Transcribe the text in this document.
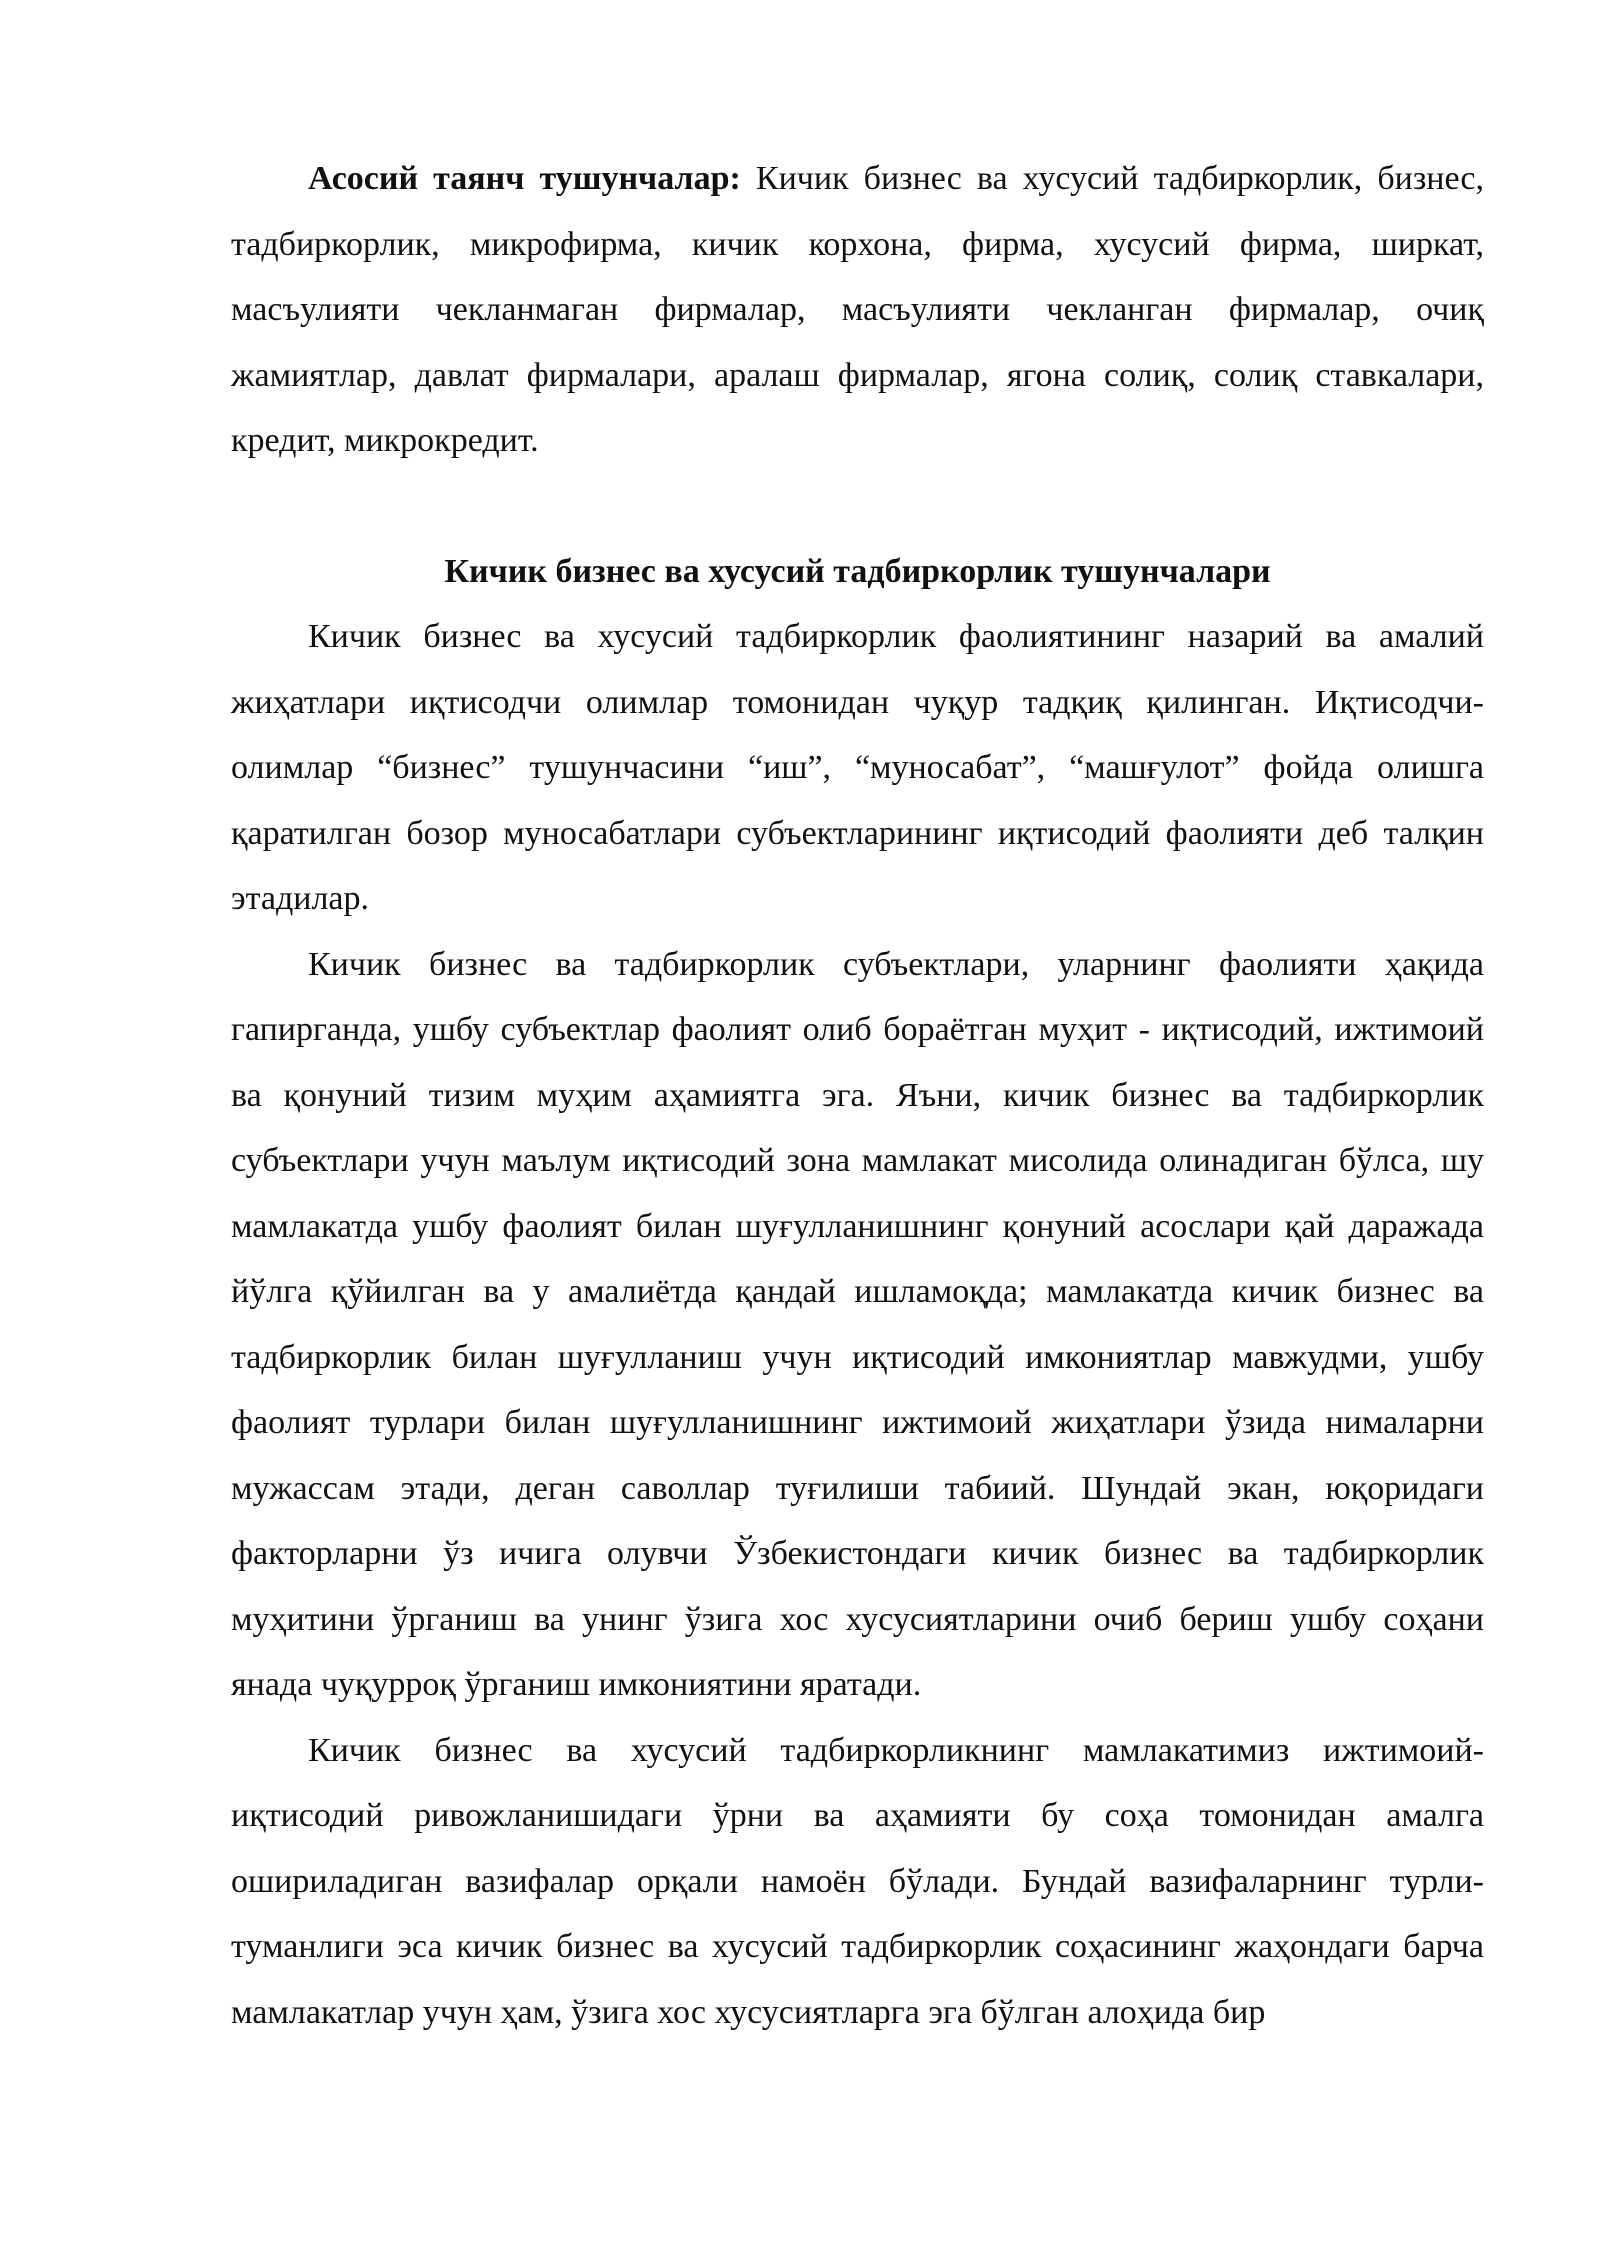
Асосий таянч тушунчалар: Кичик бизнес ва хусусий тадбиркорлик, бизнес, тадбиркорлик, микрофирма, кичик корхона, фирма, хусусий фирма, ширкат, масъулияти чекланмаган фирмалар, масъулияти чекланган фирмалар, очиқ жамиятлар, давлат фирмалари, аралаш фирмалар, ягона солиқ, солиқ ставкалари, кредит, микрокредит.

Кичик бизнес ва хусусий тадбиркорлик тушунчалари

Кичик бизнес ва хусусий тадбиркорлик фаолиятининг назарий ва амалий жиҳатлари иқтисодчи олимлар томонидан чуқур тадқиқ қилинган. Иқтисодчи-олимлар “бизнес” тушунчасини “иш”, “муносабат”, “машғулот” фойда олишга қаратилган бозор муносабатлари субъектларининг иқтисодий фаолияти деб талқин этадилар.

Кичик бизнес ва тадбиркорлик субъектлари, уларнинг фаолияти ҳақида гапирганда, ушбу субъектлар фаолият олиб бораётган муҳит - иқтисодий, ижтимоий ва қонуний тизим муҳим аҳамиятга эга. Яъни, кичик бизнес ва тадбиркорлик субъектлари учун маълум иқтисодий зона мамлакат мисолида олинадиган бўлса, шу мамлакатда ушбу фаолият билан шуғулланишнинг қонуний асослари қай даражада йўлга қўйилган ва у амалиётда қандай ишламоқда; мамлакатда кичик бизнес ва тадбиркорлик билан шуғулланиш учун иқтисодий имкониятлар мавжудми, ушбу фаолият турлари билан шуғулланишнинг ижтимоий жиҳатлари ўзида нималарни мужассам этади, деган саволлар туғилиши табиий. Шундай экан, юқоридаги факторларни ўз ичига олувчи Ўзбекистондаги кичик бизнес ва тадбиркорлик муҳитини ўрганиш ва унинг ўзига хос хусусиятларини очиб бериш ушбу соҳани янада чуқурроқ ўрганиш имкониятини яратади.

Кичик бизнес ва хусусий тадбиркорликнинг мамлакатимиз ижтимоий-иқтисодий ривожланишидаги ўрни ва аҳамияти бу соҳа томонидан амалга ошириладиган вазифалар орқали намоён бўлади. Бундай вазифаларнинг турли-туманлиги эса кичик бизнес ва хусусий тадбиркорлик соҳасининг жаҳондаги барча мамлакатлар учун ҳам, ўзига хос хусусиятларга эга бўлган алоҳида бир
